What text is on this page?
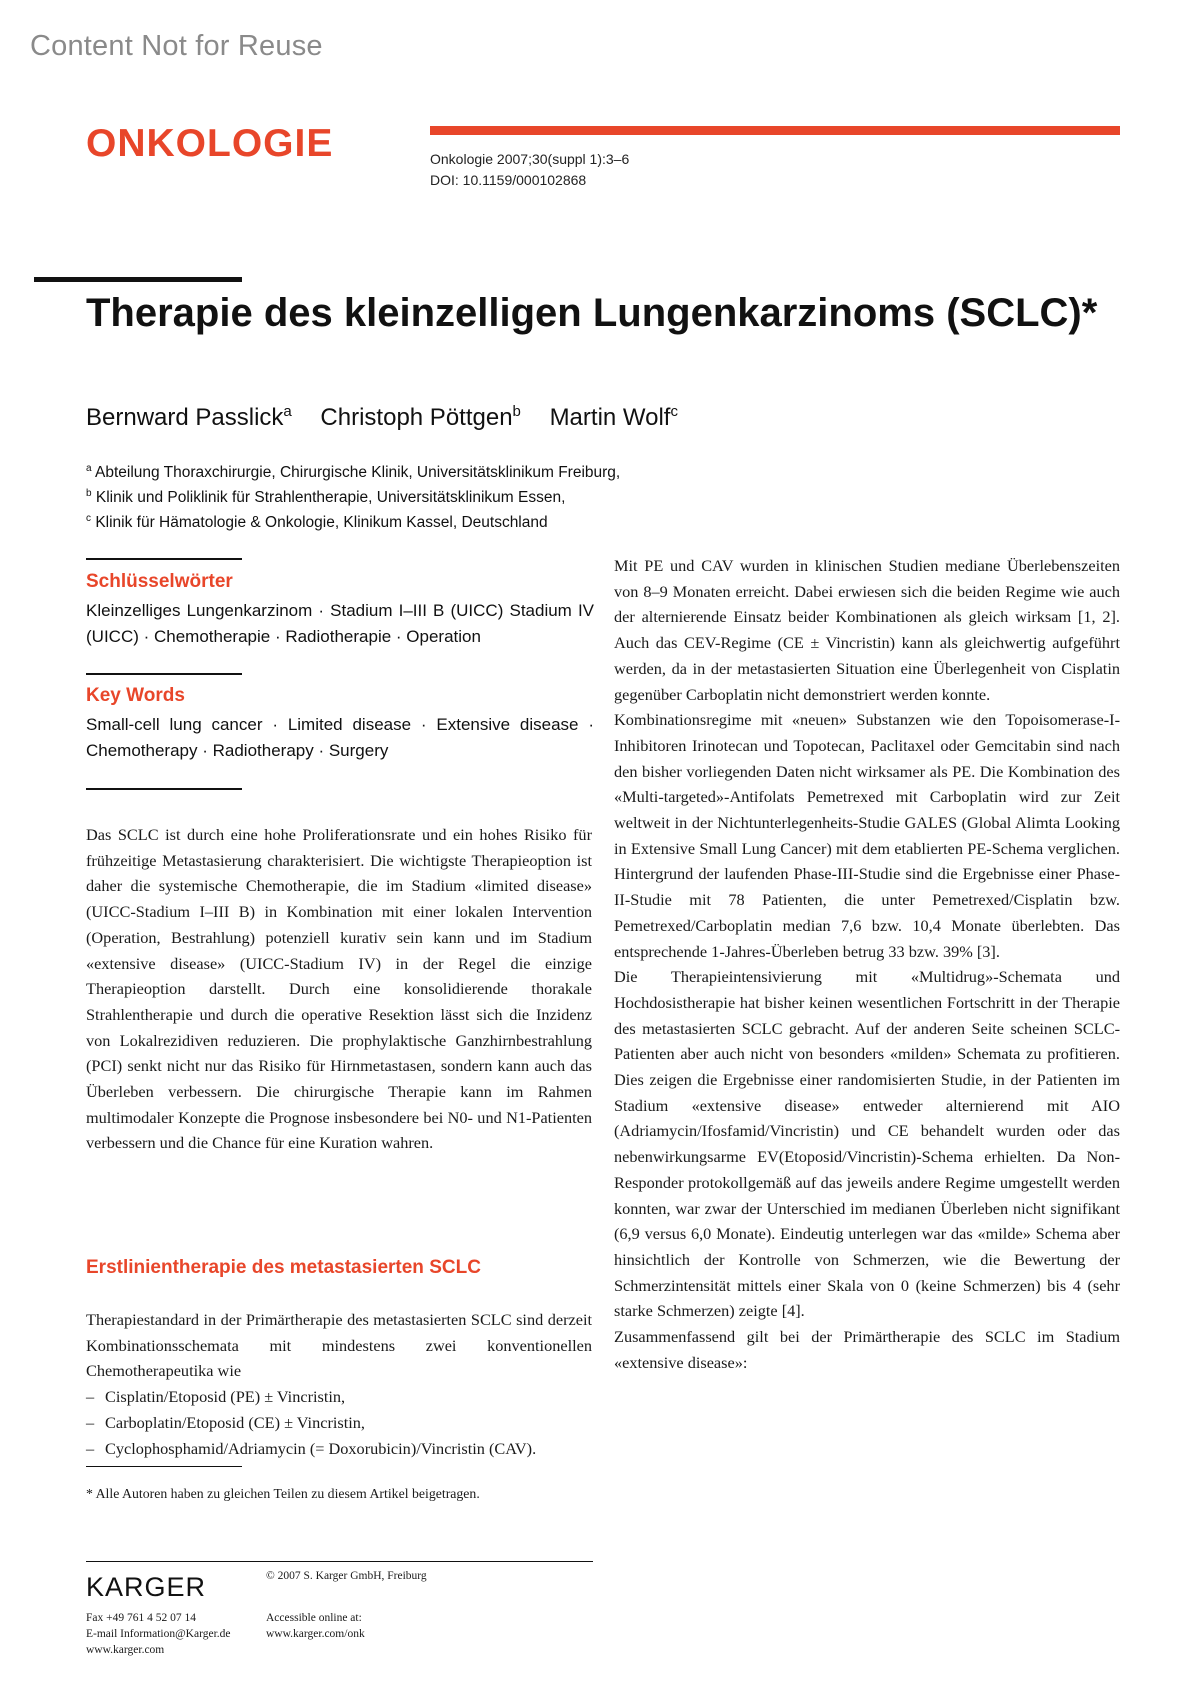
Content Not for Reuse
ONKOLOGIE	Onkologie 2007;30(suppl 1):3–6
DOI: 10.1159/000102868
Therapie des kleinzelligen Lungenkarzinoms (SCLC)*
Bernward Passlick$^a$ Christoph Pöttgen$^b$ Martin Wolf$^c$
$^a$ Abteilung Thoraxchirurgie, Chirurgische Klinik, Universitätsklinikum Freiburg,
$^b$ Klinik und Poliklinik für Strahlentherapie, Universitätsklinikum Essen,
$^c$ Klinik für Hämatologie & Onkologie, Klinikum Kassel, Deutschland
Schlüsselwörter
Kleinzelliges Lungenkarzinom · Stadium I–III B (UICC) Stadium IV (UICC) · Chemotherapie · Radiotherapie · Operation
Key Words
Small-cell lung cancer · Limited disease · Extensive disease · Chemotherapy · Radiotherapy · Surgery

Das SCLC ist durch eine hohe Proliferationsrate und ein hohes Risiko für frühzeitige Metastasierung charakterisiert. Die wichtigste Therapieoption ist daher die systemische Chemotherapie, die im Stadium «limited disease» (UICC-Stadium I–III B) in Kombination mit einer lokalen Intervention (Operation, Bestrahlung) potenziell kurativ sein kann und im Stadium «extensive disease» (UICC-Stadium IV) in der Regel die einzige Therapieoption darstellt. Durch eine konsolidierende thorakale Strahlentherapie und durch die operative Resektion lässt sich die Inzidenz von Lokalrezidiven reduzieren. Die prophylaktische Ganzhirnbestrahlung (PCI) senkt nicht nur das Risiko für Hirnmetastasen, sondern kann auch das Überleben verbessern. Die chirurgische Therapie kann im Rahmen multimodaler Konzepte die Prognose insbesondere bei N0- und N1-Patienten verbessern und die Chance für eine Kuration wahren.

Erstlinientherapie des metastasierten SCLC

Therapiestandard in der Primärtherapie des metastasierten SCLC sind derzeit Kombinationsschemata mit mindestens zwei konventionellen Chemotherapeutika wie

– Cisplatin/Etoposid (PE) ± Vincristin,
– Carboplatin/Etoposid (CE) ± Vincristin,
– Cyclophosphamid/Adriamycin (= Doxorubicin)/Vincristin (CAV).

Mit PE und CAV wurden in klinischen Studien mediane Überlebenszeiten von 8–9 Monaten erreicht. Dabei erwiesen sich die beiden Regime wie auch der alternierende Einsatz beider Kombinationen als gleich wirksam [1, 2]. Auch das CEV-Regime (CE ± Vincristin) kann als gleichwertig aufgeführt werden, da in der metastasierten Situation eine Überlegenheit von Cisplatin gegenüber Carboplatin nicht demonstriert werden konnte.

Kombinationsregime mit «neuen» Substanzen wie den Topoisomerase-I-Inhibitoren Irinotecan und Topotecan, Paclitaxel oder Gemcitabin sind nach den bisher vorliegenden Daten nicht wirksamer als PE. Die Kombination des «Multi-targeted»-Antifolats Pemetrexed mit Carboplatin wird zur Zeit weltweit in der Nichtunterlegenheits-Studie GALES (Global Alimta Looking in Extensive Small Lung Cancer) mit dem etablierten PE-Schema verglichen. Hintergrund der laufenden Phase-III-Studie sind die Ergebnisse einer Phase-II-Studie mit 78 Patienten, die unter Pemetrexed/Cisplatin bzw. Pemetrexed/Carboplatin median 7,6 bzw. 10,4 Monate überlebten. Das entsprechende 1-Jahres-Überleben betrug 33 bzw. 39% [3].

Die Therapieintensivierung mit «Multidrug»-Schemata und Hochdosistherapie hat bisher keinen wesentlichen Fortschritt in der Therapie des metastasierten SCLC gebracht. Auf der anderen Seite scheinen SCLC-Patienten aber auch nicht von besonders «milden» Schemata zu profitieren. Dies zeigen die Ergebnisse einer randomisierten Studie, in der Patienten im Stadium «extensive disease» entweder alternierend mit AIO (Adriamycin/Ifosfamid/Vincristin) und CE behandelt wurden oder das nebenwirkungsarme EV(Etoposid/Vincristin)-Schema erhielten. Da Non-Responder protokollgemäß auf das jeweils andere Regime umgestellt werden konnten, war zwar der Unterschied im medianen Überleben nicht signifikant (6,9 versus 6,0 Monate). Eindeutig unterlegen war das «milde» Schema aber hinsichtlich der Kontrolle von Schmerzen, wie die Bewertung der Schmerzintensität mittels einer Skala von 0 (keine Schmerzen) bis 4 (sehr starke Schmerzen) zeigte [4].

Zusammenfassend gilt bei der Primärtherapie des SCLC im Stadium «extensive disease»:

* Alle Autoren haben zu gleichen Teilen zu diesem Artikel beigetragen.
KARGER
Fax +49 761 4 52 07 14
E-mail Information@Karger.de
www.karger.com
© 2007 S. Karger GmbH, Freiburg
Accessible online at:
www.karger.com/onk
